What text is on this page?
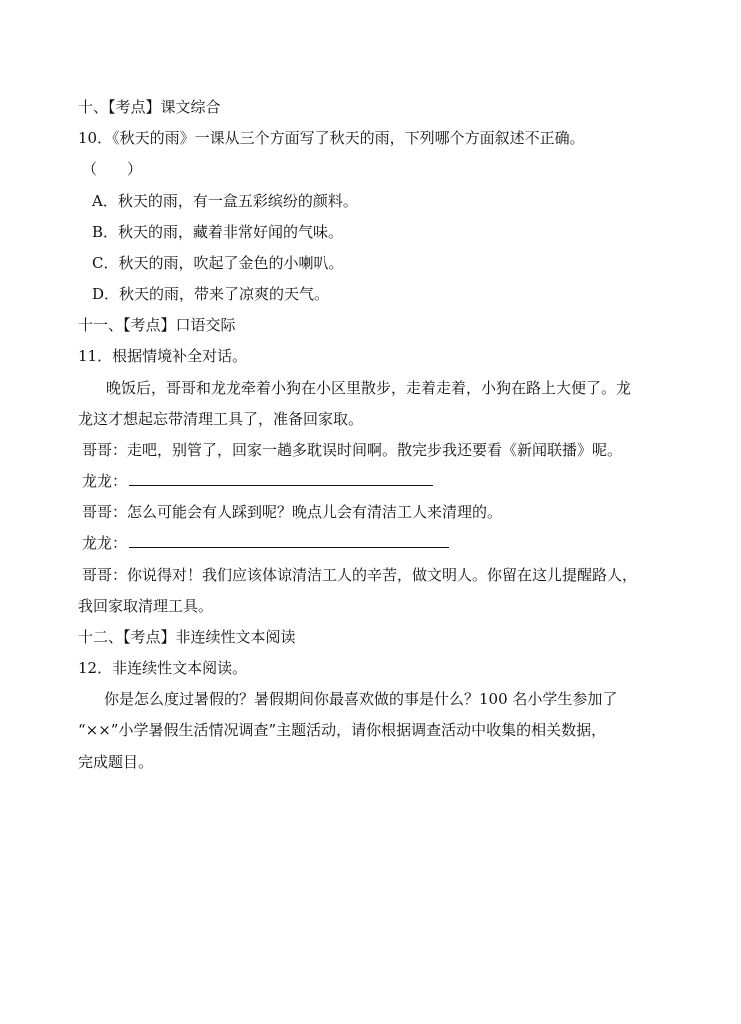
十、【考点】课文综合
10．《秋天的雨》一课从三个方面写了秋天的雨，下列哪个方面叙述不正确。
（　　）
A．秋天的雨，有一盒五彩缤纷的颜料。
B．秋天的雨，藏着非常好闻的气味。
C．秋天的雨，吹起了金色的小喇叭。
D．秋天的雨，带来了凉爽的天气。
十一、【考点】口语交际
11．根据情境补全对话。
晚饭后，哥哥和龙龙牵着小狗在小区里散步，走着走着，小狗在路上大便了。龙
龙这才想起忘带清理工具了，准备回家取。
哥哥：走吧，别管了，回家一趟多耽误时间啊。散完步我还要看《新闻联播》呢。
龙龙：
哥哥：怎么可能会有人踩到呢？晚点儿会有清洁工人来清理的。
龙龙：
哥哥：你说得对！我们应该体谅清洁工人的辛苦，做文明人。你留在这儿提醒路人，
我回家取清理工具。
十二、【考点】非连续性文本阅读
12．非连续性文本阅读。
你是怎么度过暑假的？暑假期间你最喜欢做的事是什么？100 名小学生参加了
“××”小学暑假生活情况调查”主题活动，请你根据调查活动中收集的相关数据，
完成题目。
